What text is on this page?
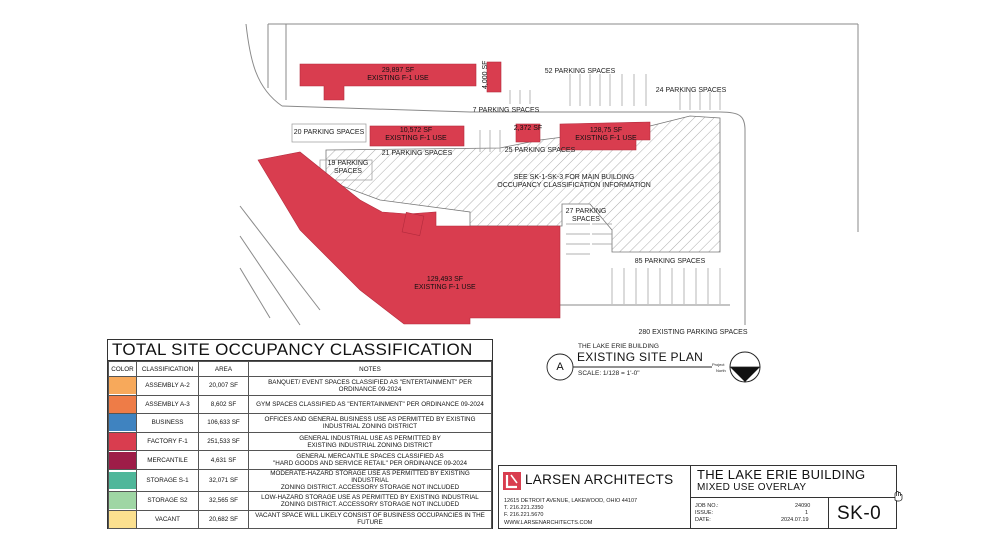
29,897 SF
EXISTING F-1 USE	4,000 SF
10,572 SF
EXISTING F-1 USE
2,372 SF	128,75 SF
EXISTING F-1 USE
129,493 SF
EXISTING F-1 USE
52 PARKING SPACES
24 PARKING SPACES
7 PARKING SPACES
20 PARKING SPACES
21 PARKING SPACES	25 PARKING SPACES
19 PARKING
SPACES
27 PARKING
SPACES
85 PARKING SPACES
280 EXISTING PARKING SPACES
SEE SK-1-SK-3 FOR MAIN BUILDING
OCCUPANCY CLASSIFICATION INFORMATION
A
THE LAKE ERIE BUILDING
EXISTING SITE PLAN
SCALE: 1/128 = 1'-0"
Project
North
TOTAL SITE OCCUPANCY CLASSIFICATION
COLOR	CLASSIFICATION	AREA	NOTES

	ASSEMBLY A-2	20,007 SF	BANQUET/ EVENT SPACES CLASSIFIED AS "ENTERTAINMENT" PER
ORDINANCE 09-2024

	ASSEMBLY A-3	8,602 SF	GYM SPACES CLASSIFIED AS "ENTERTAINMENT" PER ORDINANCE 09-2024

	BUSINESS	106,633 SF	OFFICES AND GENERAL BUSINESS USE AS PERMITTED BY EXISTING
INDUSTRIAL ZONING DISTRICT

	FACTORY F-1	251,533 SF	GENERAL INDUSTRIAL USE AS PERMITTED BY
EXISTING INDUSTRIAL ZONING DISTRICT

	MERCANTILE	4,631 SF	GENERAL MERCANTILE SPACES CLASSIFIED AS
"HARD GOODS AND SERVICE RETAIL" PER ORDINANCE 09-2024

	STORAGE S-1	32,071 SF	MODERATE-HAZARD STORAGE USE AS PERMITTED BY EXISTING INDUSTRIAL
ZONING DISTRICT. ACCESSORY STORAGE NOT INCLUDED

	STORAGE S2	32,565 SF	LOW-HAZARD STORAGE USE AS PERMITTED BY EXISTING INDUSTRIAL
ZONING DISTRICT. ACCESSORY STORAGE NOT INCLUDED

	VACANT	20,682 SF	VACANT SPACE WILL LIKELY CONSIST OF BUSINESS OCCUPANCIES IN THE
FUTURE
LARSEN ARCHITECTS
12615 DETROIT AVENUE, LAKEWOOD, OHIO 44107
T. 216.221.2350
F. 216.221.5670
WWW.LARSENARCHITECTS.COM
THE LAKE ERIE BUILDING
MIXED USE OVERLAY
JOB NO.:	24090
ISSUE:	1
DATE:	2024.07.19 SK-0
